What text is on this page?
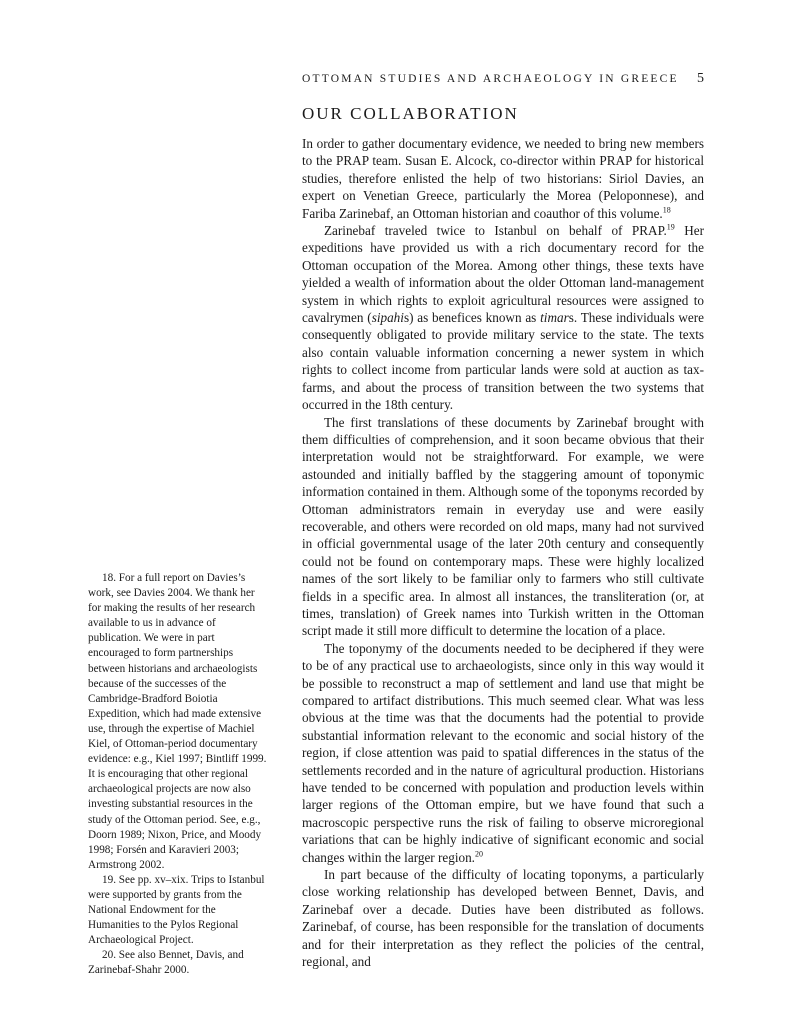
OTTOMAN STUDIES AND ARCHAEOLOGY IN GREECE 5
OUR COLLABORATION

In order to gather documentary evidence, we needed to bring new members to the PRAP team. Susan E. Alcock, co-director within PRAP for historical studies, therefore enlisted the help of two historians: Siriol Davies, an expert on Venetian Greece, particularly the Morea (Peloponnese), and Fariba Zarinebaf, an Ottoman historian and coauthor of this volume.$^{18}$

Zarinebaf traveled twice to Istanbul on behalf of PRAP.$^{19}$ Her expeditions have provided us with a rich documentary record for the Ottoman occupation of the Morea. Among other things, these texts have yielded a wealth of information about the older Ottoman land-management system in which rights to exploit agricultural resources were assigned to cavalrymen (sipahis) as benefices known as timars. These individuals were consequently obligated to provide military service to the state. The texts also contain valuable information concerning a newer system in which rights to collect income from particular lands were sold at auction as tax-farms, and about the process of transition between the two systems that occurred in the 18th century.

The first translations of these documents by Zarinebaf brought with them difficulties of comprehension, and it soon became obvious that their interpretation would not be straightforward. For example, we were astounded and initially baffled by the staggering amount of toponymic information contained in them. Although some of the toponyms recorded by Ottoman administrators remain in everyday use and were easily recoverable, and others were recorded on old maps, many had not survived in official governmental usage of the later 20th century and consequently could not be found on contemporary maps. These were highly localized names of the sort likely to be familiar only to farmers who still cultivate fields in a specific area. In almost all instances, the transliteration (or, at times, translation) of Greek names into Turkish written in the Ottoman script made it still more difficult to determine the location of a place.

The toponymy of the documents needed to be deciphered if they were to be of any practical use to archaeologists, since only in this way would it be possible to reconstruct a map of settlement and land use that might be compared to artifact distributions. This much seemed clear. What was less obvious at the time was that the documents had the potential to provide substantial information relevant to the economic and social history of the region, if close attention was paid to spatial differences in the status of the settlements recorded and in the nature of agricultural production. Historians have tended to be concerned with population and production levels within larger regions of the Ottoman empire, but we have found that such a macroscopic perspective runs the risk of failing to observe microregional variations that can be highly indicative of significant economic and social changes within the larger region.$^{20}$

In part because of the difficulty of locating toponyms, a particularly close working relationship has developed between Bennet, Davis, and Zarinebaf over a decade. Duties have been distributed as follows. Zarinebaf, of course, has been responsible for the translation of documents and for their interpretation as they reflect the policies of the central, regional, and

18. For a full report on Davies’s work, see Davies 2004. We thank her for making the results of her research available to us in advance of publication. We were in part encouraged to form partnerships between historians and archaeologists because of the successes of the Cambridge-Bradford Boiotia Expedition, which had made extensive use, through the expertise of Machiel Kiel, of Ottoman-period documentary evidence: e.g., Kiel 1997; Bintliff 1999. It is encouraging that other regional archaeological projects are now also investing substantial resources in the study of the Ottoman period. See, e.g., Doorn 1989; Nixon, Price, and Moody 1998; Forsén and Karavieri 2003; Armstrong 2002.

19. See pp. xv–xix. Trips to Istanbul were supported by grants from the National Endowment for the Humanities to the Pylos Regional Archaeological Project.

20. See also Bennet, Davis, and Zarinebaf-Shahr 2000.
